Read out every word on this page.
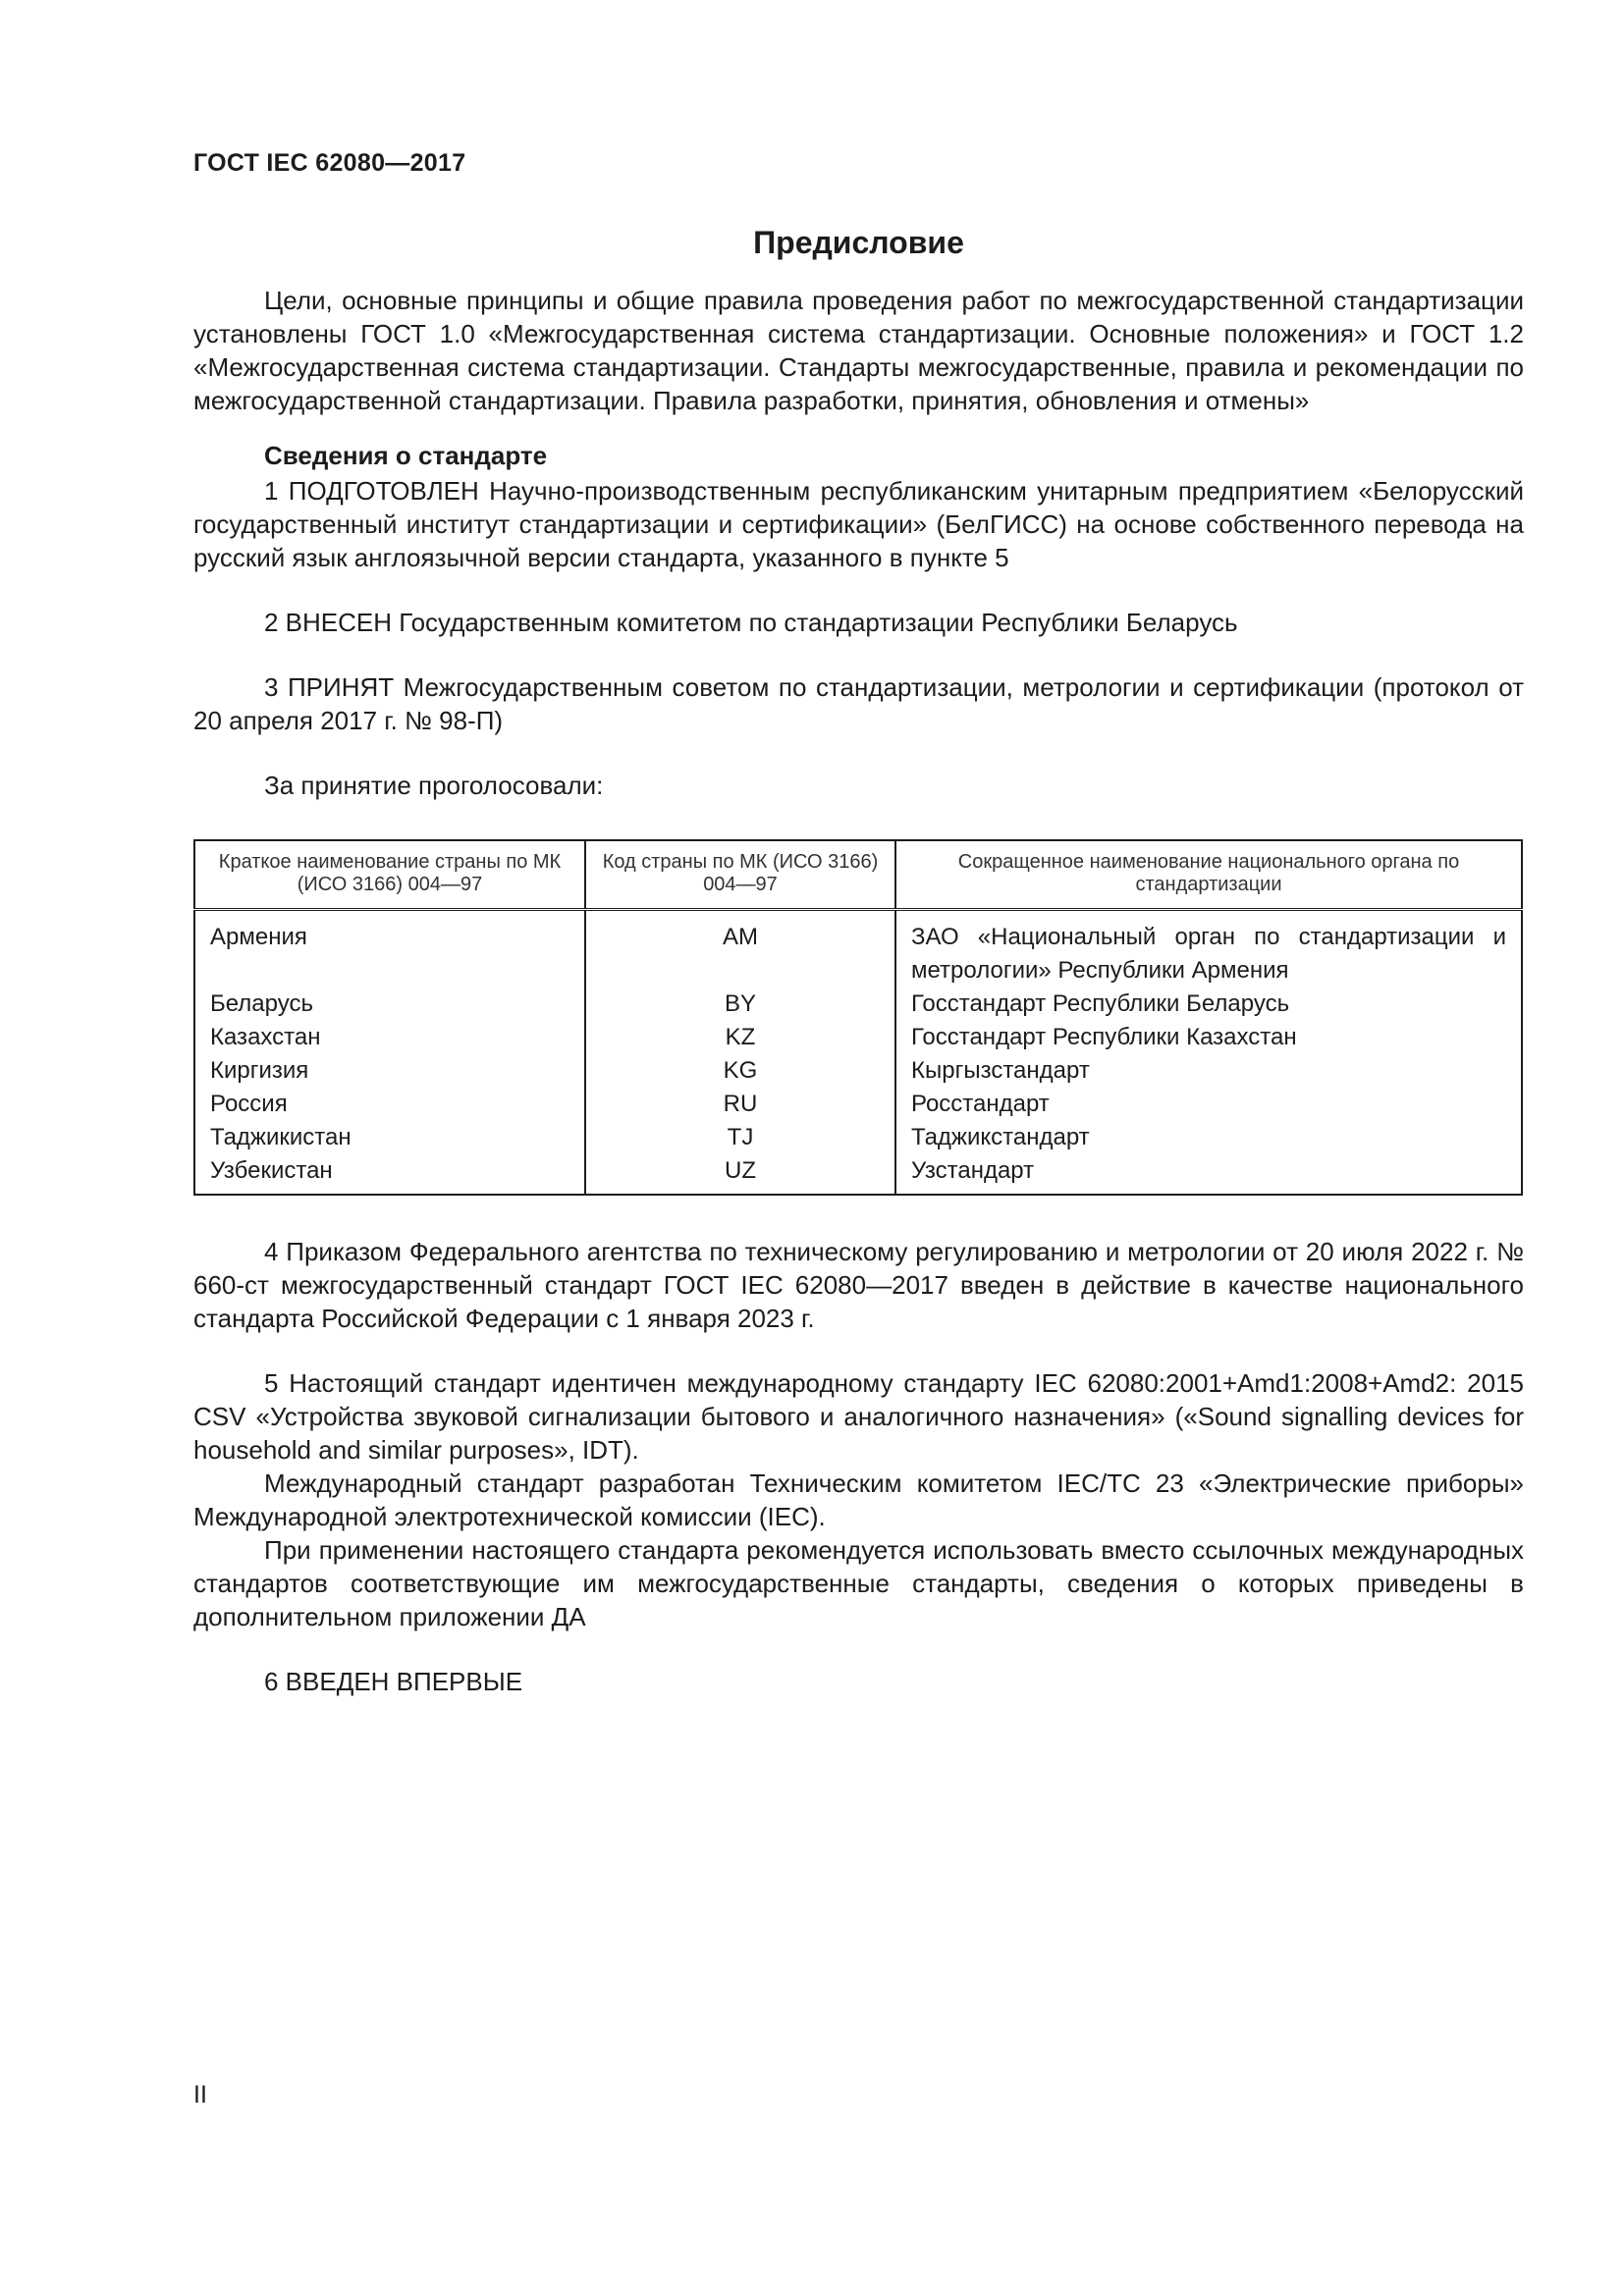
ГОСТ IEC 62080—2017
Предисловие

Цели, основные принципы и общие правила проведения работ по межгосударственной стандартизации установлены ГОСТ 1.0 «Межгосударственная система стандартизации. Основные положения» и ГОСТ 1.2 «Межгосударственная система стандартизации. Стандарты межгосударственные, правила и рекомендации по межгосударственной стандартизации. Правила разработки, принятия, обновления и отмены»

Сведения о стандарте

1 ПОДГОТОВЛЕН Научно-производственным республиканским унитарным предприятием «Белорусский государственный институт стандартизации и сертификации» (БелГИСС) на основе собственного перевода на русский язык англоязычной версии стандарта, указанного в пункте 5

2 ВНЕСЕН Государственным комитетом по стандартизации Республики Беларусь

3 ПРИНЯТ Межгосударственным советом по стандартизации, метрологии и сертификации (протокол от 20 апреля 2017 г. № 98-П)

За принятие проголосовали:

Краткое наименование страны по МК (ИСО 3166) 004—97	Код страны по МК (ИСО 3166) 004—97	Сокращенное наименование национального органа по стандартизации
Армения	AM	ЗАО «Национальный орган по стандартизации и метрологии» Республики Армения
Беларусь	BY	Госстандарт Республики Беларусь
Казахстан	KZ	Госстандарт Республики Казахстан
Киргизия	KG	Кыргызстандарт
Россия	RU	Росстандарт
Таджикистан	TJ	Таджикстандарт
Узбекистан	UZ	Узстандарт

4 Приказом Федерального агентства по техническому регулированию и метрологии от 20 июля 2022 г. № 660-ст межгосударственный стандарт ГОСТ IEC 62080—2017 введен в действие в качестве национального стандарта Российской Федерации с 1 января 2023 г.

5 Настоящий стандарт идентичен международному стандарту IEC 62080:2001+Amd1:2008+Amd2: 2015 CSV «Устройства звуковой сигнализации бытового и аналогичного назначения» («Sound signalling devices for household and similar purposes», IDT).

Международный стандарт разработан Техническим комитетом IEC/TC 23 «Электрические приборы» Международной электротехнической комиссии (IEC).

При применении настоящего стандарта рекомендуется использовать вместо ссылочных международных стандартов соответствующие им межгосударственные стандарты, сведения о которых приведены в дополнительном приложении ДА

6 ВВЕДЕН ВПЕРВЫЕ

II
